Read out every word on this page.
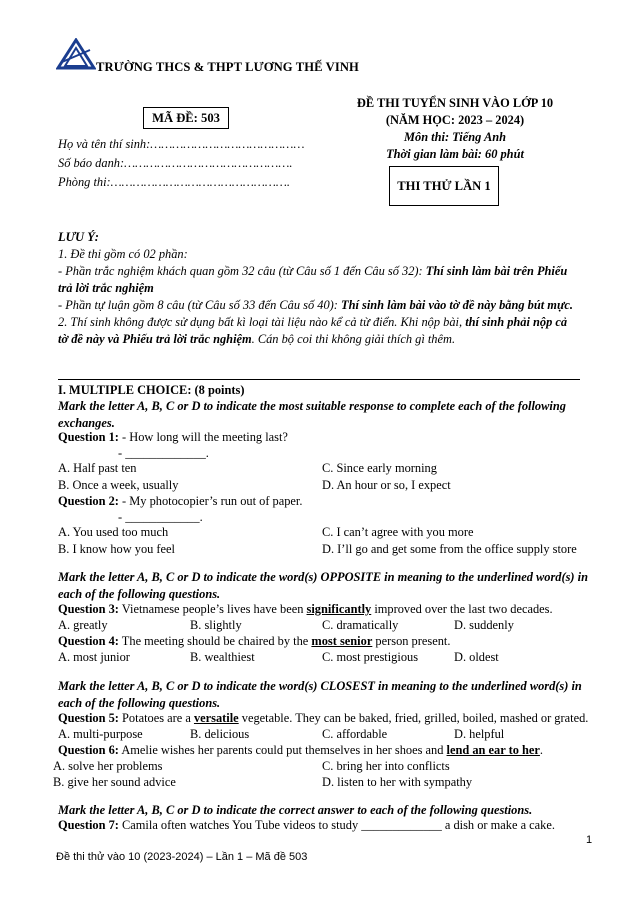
TRƯỜNG THCS & THPT LƯƠNG THẾ VINH
MÃ ĐỀ: 503
Họ và tên thí sinh:……………………………………
Số báo danh:……………………………………….
Phòng thi:………………………………………….
ĐỀ THI TUYỂN SINH VÀO LỚP 10
(NĂM HỌC: 2023 – 2024)
Môn thi: Tiếng Anh
Thời gian làm bài: 60 phút
THI THỬ LẦN 1
LƯU Ý:
1. Đề thi gồm có 02 phần:
- Phần trắc nghiệm khách quan gồm 32 câu (từ Câu số 1 đến Câu số 32): Thí sinh làm bài trên Phiếu trả lời trắc nghiệm
- Phần tự luận gồm 8 câu (từ Câu số 33 đến Câu số 40): Thí sinh làm bài vào tờ đề này bằng bút mực.
2. Thí sinh không được sử dụng bất kì loại tài liệu nào kể cả từ điển. Khi nộp bài, thí sinh phải nộp cả tờ đề này và Phiếu trả lời trắc nghiệm. Cán bộ coi thi không giải thích gì thêm.
I. MULTIPLE CHOICE: (8 points)
Mark the letter A, B, C or D to indicate the most suitable response to complete each of the following exchanges.
Question 1: - How long will the meeting last?
- _____________.
A. Half past ten	C. Since early morning
B. Once a week, usually	D. An hour or so, I expect
Question 2: - My photocopier’s run out of paper.
- ____________.
A. You used too much	C. I can’t agree with you more
B. I know how you feel	D. I’ll go and get some from the office supply store
Mark the letter A, B, C or D to indicate the word(s) OPPOSITE in meaning to the underlined word(s) in each of the following questions.
Question 3: Vietnamese people’s lives have been significantly improved over the last two decades.
A. greatly	B. slightly	C. dramatically	D. suddenly
Question 4: The meeting should be chaired by the most senior person present.
A. most junior	B. wealthiest	C. most prestigious	D. oldest
Mark the letter A, B, C or D to indicate the word(s) CLOSEST in meaning to the underlined word(s) in each of the following questions.
Question 5: Potatoes are a versatile vegetable. They can be baked, fried, grilled, boiled, mashed or grated.
A. multi-purpose	B. delicious	C. affordable	D. helpful
Question 6: Amelie wishes her parents could put themselves in her shoes and lend an ear to her.
A. solve her problems	C. bring her into conflicts
B. give her sound advice	D. listen to her with sympathy
Mark the letter A, B, C or D to indicate the correct answer to each of the following questions.
Question 7: Camila often watches You Tube videos to study _____________ a dish or make a cake.
1
Đề thi thử vào 10 (2023-2024) – Lần 1 – Mã đề 503
